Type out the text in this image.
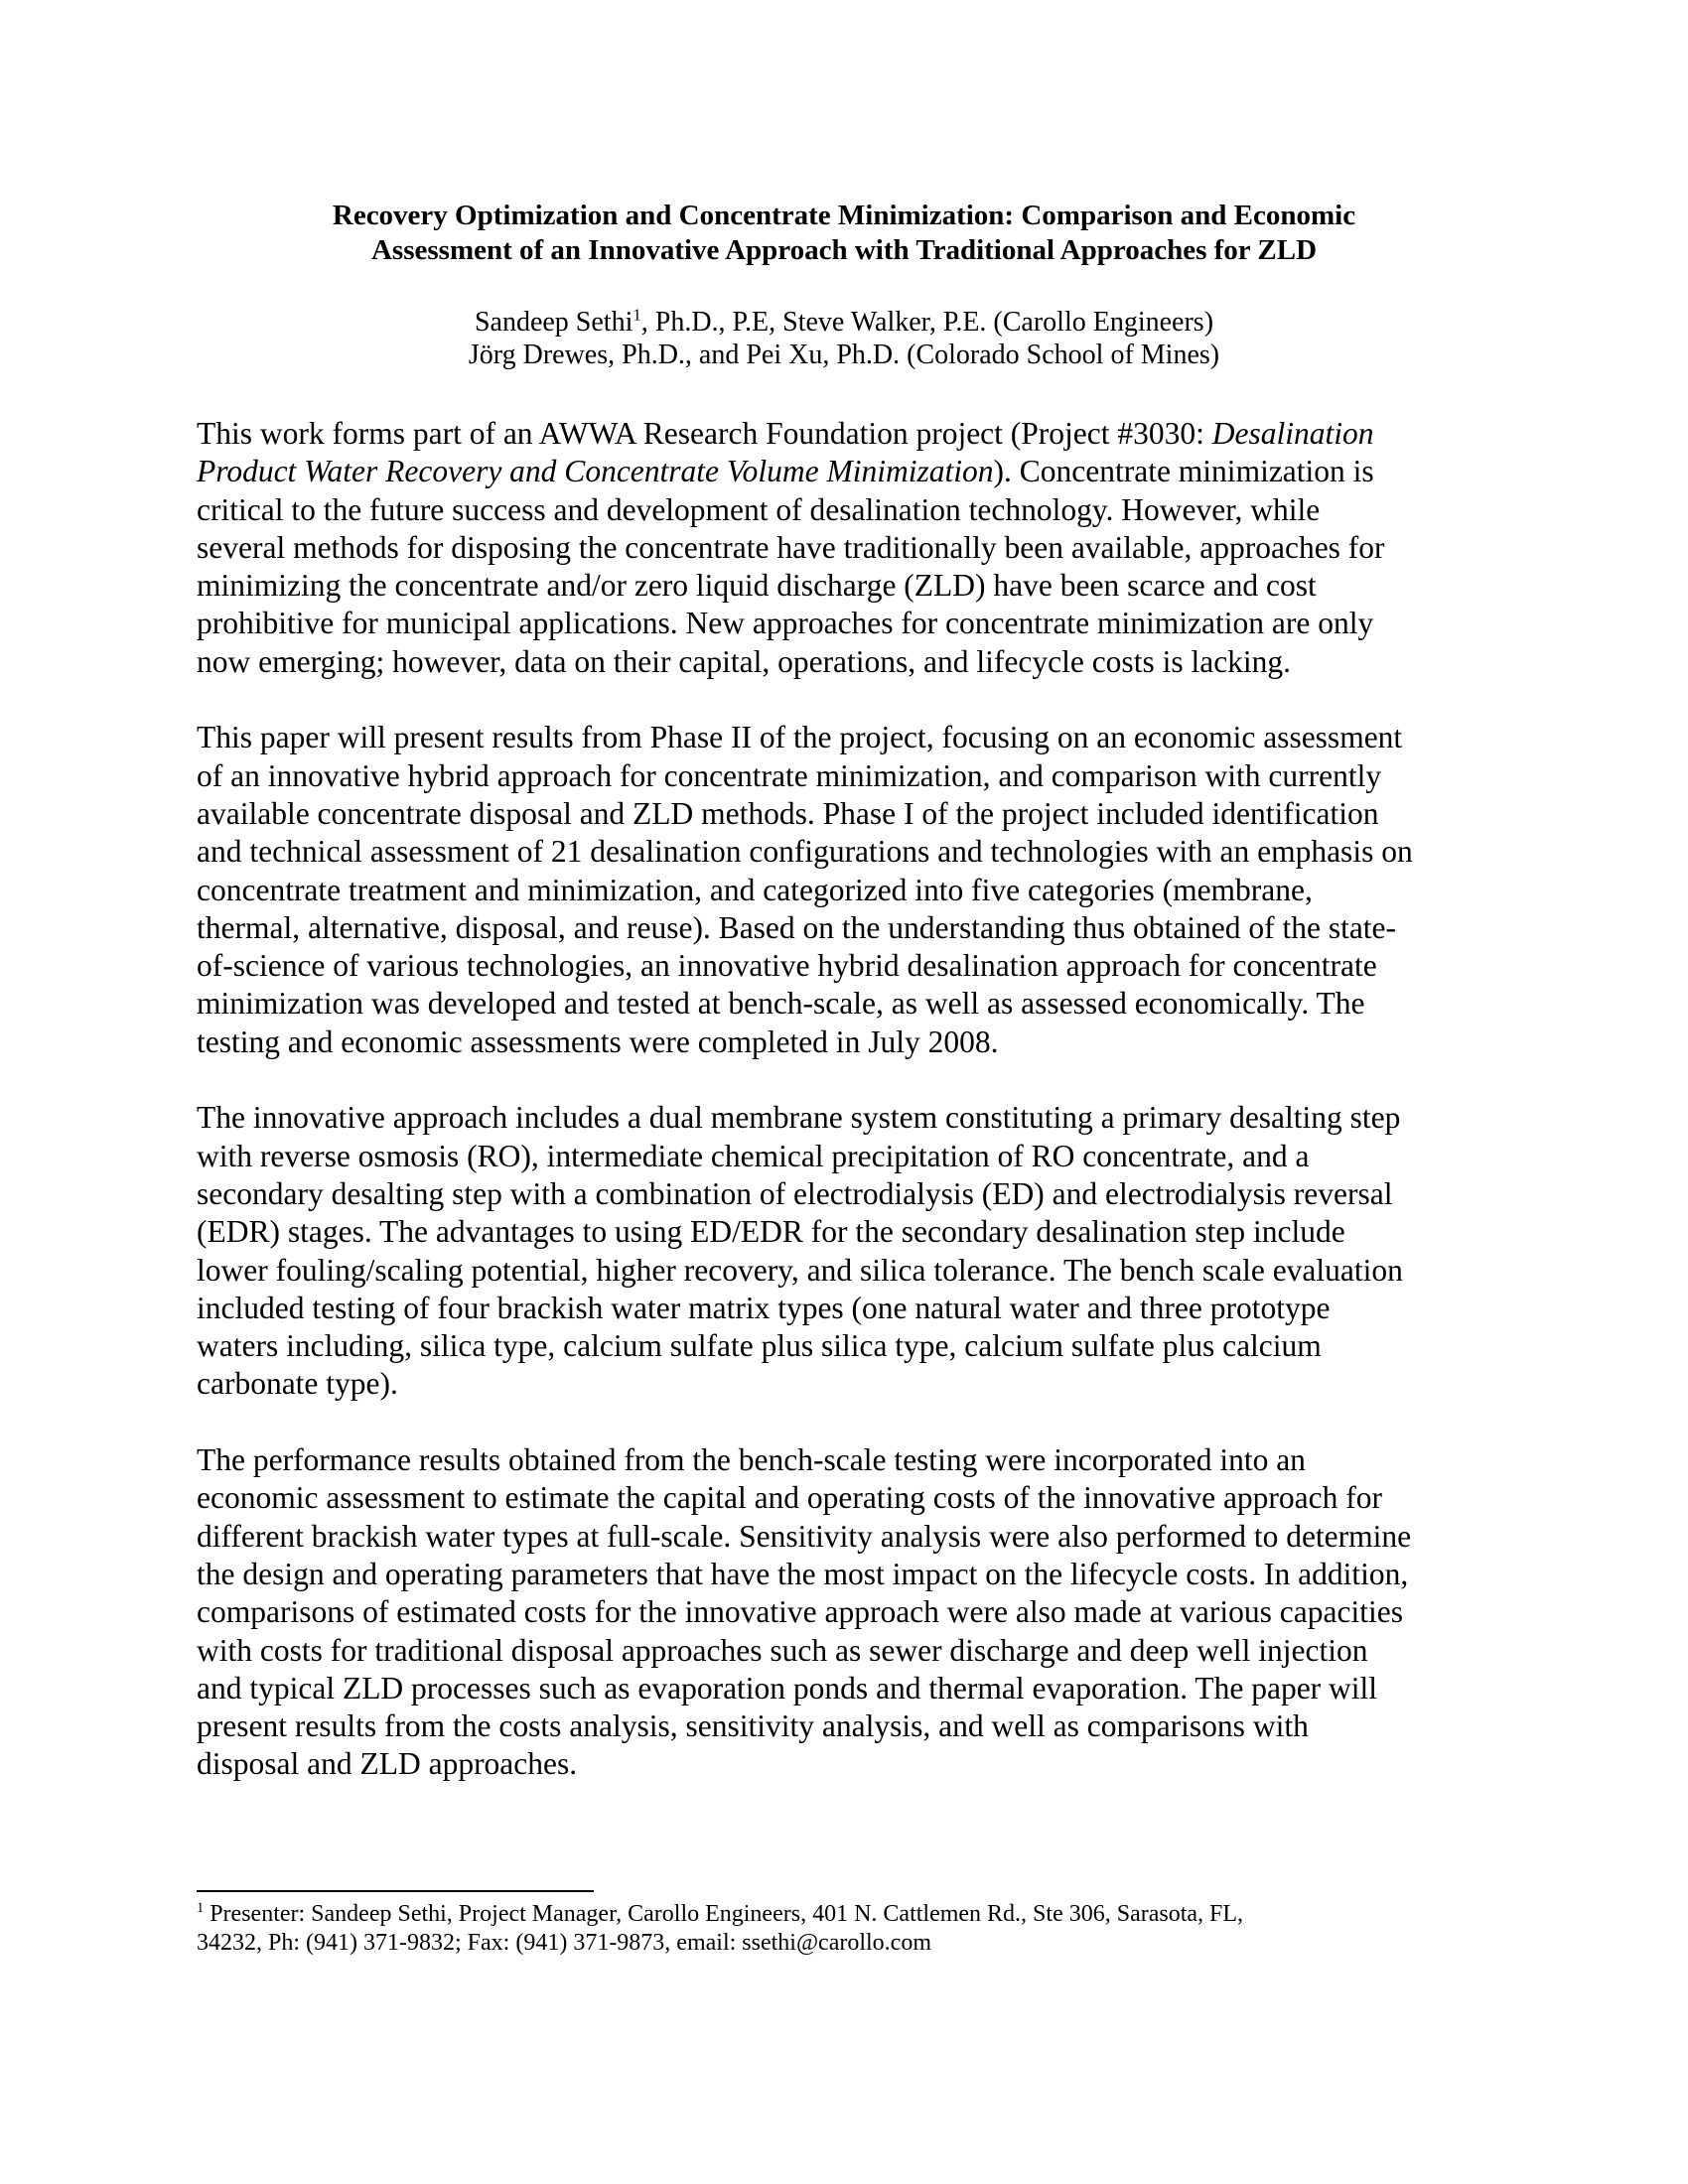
Recovery Optimization and Concentrate Minimization: Comparison and Economic
Assessment of an Innovative Approach with Traditional Approaches for ZLD
Sandeep Sethi$^1$, Ph.D., P.E, Steve Walker, P.E. (Carollo Engineers)
Jörg Drewes, Ph.D., and Pei Xu, Ph.D. (Colorado School of Mines)

This work forms part of an AWWA Research Foundation project (Project #3030: Desalination
Product Water Recovery and Concentrate Volume Minimization). Concentrate minimization is
critical to the future success and development of desalination technology. However, while
several methods for disposing the concentrate have traditionally been available, approaches for
minimizing the concentrate and/or zero liquid discharge (ZLD) have been scarce and cost
prohibitive for municipal applications. New approaches for concentrate minimization are only
now emerging; however, data on their capital, operations, and lifecycle costs is lacking.

This paper will present results from Phase II of the project, focusing on an economic assessment
of an innovative hybrid approach for concentrate minimization, and comparison with currently
available concentrate disposal and ZLD methods. Phase I of the project included identification
and technical assessment of 21 desalination configurations and technologies with an emphasis on
concentrate treatment and minimization, and categorized into five categories (membrane,
thermal, alternative, disposal, and reuse). Based on the understanding thus obtained of the state-
of-science of various technologies, an innovative hybrid desalination approach for concentrate
minimization was developed and tested at bench-scale, as well as assessed economically. The
testing and economic assessments were completed in July 2008.

The innovative approach includes a dual membrane system constituting a primary desalting step
with reverse osmosis (RO), intermediate chemical precipitation of RO concentrate, and a
secondary desalting step with a combination of electrodialysis (ED) and electrodialysis reversal
(EDR) stages. The advantages to using ED/EDR for the secondary desalination step include
lower fouling/scaling potential, higher recovery, and silica tolerance. The bench scale evaluation
included testing of four brackish water matrix types (one natural water and three prototype
waters including, silica type, calcium sulfate plus silica type, calcium sulfate plus calcium
carbonate type).

The performance results obtained from the bench-scale testing were incorporated into an
economic assessment to estimate the capital and operating costs of the innovative approach for
different brackish water types at full-scale. Sensitivity analysis were also performed to determine
the design and operating parameters that have the most impact on the lifecycle costs. In addition,
comparisons of estimated costs for the innovative approach were also made at various capacities
with costs for traditional disposal approaches such as sewer discharge and deep well injection
and typical ZLD processes such as evaporation ponds and thermal evaporation. The paper will
present results from the costs analysis, sensitivity analysis, and well as comparisons with
disposal and ZLD approaches.

$^1$ Presenter: Sandeep Sethi, Project Manager, Carollo Engineers, 401 N. Cattlemen Rd., Ste 306, Sarasota, FL,
34232, Ph: (941) 371-9832; Fax: (941) 371-9873, email: ssethi@carollo.com
